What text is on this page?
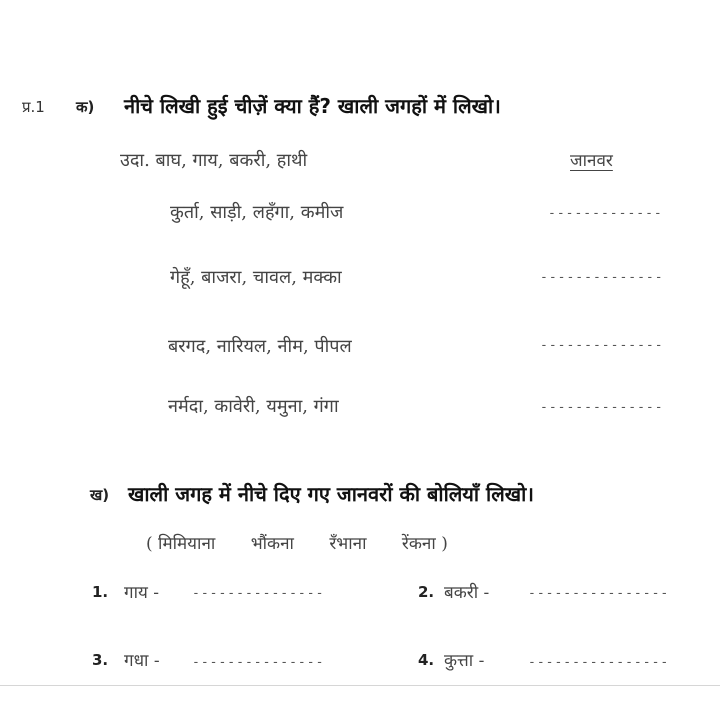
प्र.1 क) नीचे लिखी हुई चीज़ें क्या हैं? खाली जगहों में लिखो।
उदा. बाघ, गाय, बकरी, हाथी	जानवर
कुर्ता, साड़ी, लहँगा, कमीज	-------------
गेहूँ, बाजरा, चावल, मक्का	--------------
बरगद, नारियल, नीम, पीपल	--------------
नर्मदा, कावेरी, यमुना, गंगा	--------------
ख) खाली जगह में नीचे दिए गए जानवरों की बोलियाँ लिखो।
( मिमियाना भौंकना रँभाना रेंकना )
1. गाय -	---------------	2. बकरी -	----------------
3. गधा - ---------------	4. कुत्ता -	----------------
